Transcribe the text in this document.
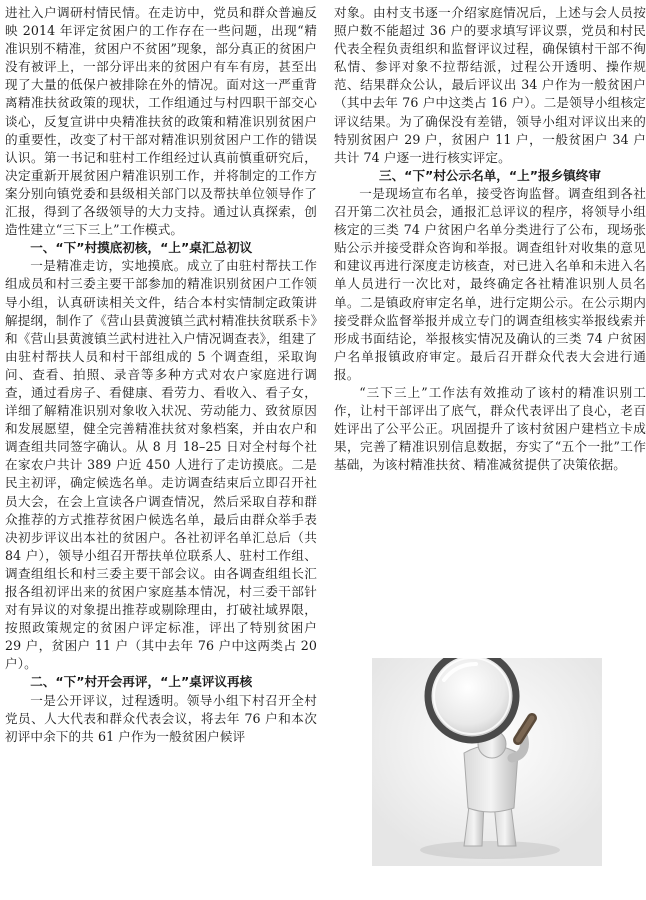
进社入户调研村情民情。在走访中，党员和群众普遍反映 2014 年评定贫困户的工作存在一些问题，出现“精准识别不精准，贫困户不贫困”现象，部分真正的贫困户没有被评上，一部分评出来的贫困户有车有房，甚至出现了大量的低保户被排除在外的情况。面对这一严重背离精准扶贫政策的现状，工作组通过与村四职干部交心谈心，反复宣讲中央精准扶贫的政策和精准识别贫困户的重要性，改变了村干部对精准识别贫困户工作的错误认识。第一书记和驻村工作组经过认真前慎重研究后，决定重新开展贫困户精准识别工作，并将制定的工作方案分别向镇党委和县级相关部门以及帮扶单位领导作了汇报，得到了各级领导的大力支持。通过认真探索，创造性建立“三下三上”工作模式。

一、“下”村摸底初核，“上”桌汇总初议

一是精准走访，实地摸底。成立了由驻村帮扶工作组成员和村三委主要干部参加的精准识别贫困户工作领导小组，认真研读相关文件，结合本村实情制定政策讲解提纲，制作了《营山县黄渡镇兰武村精准扶贫联系卡》和《营山县黄渡镇兰武村进社入户情况调查表》，组建了由驻村帮扶人员和村干部组成的 5 个调查组，采取询问、查看、拍照、录音等多种方式对农户家庭进行调查，通过看房子、看健康、看劳力、看收入、看子女，详细了解精准识别对象收入状况、劳动能力、致贫原因和发展愿望，健全完善精准扶贫对象档案，并由农户和调查组共同签字确认。从 8 月 18–25 日对全村每个社在家农户共计 389 户近 450 人进行了走访摸底。二是民主初评，确定候选名单。走访调查结束后立即召开社员大会，在会上宣读各户调查情况，然后采取自荐和群众推荐的方式推荐贫困户候选名单，最后由群众举手表决初步评议出本社的贫困户。各社初评名单汇总后（共 84 户），领导小组召开帮扶单位联系人、驻村工作组、调查组组长和村三委主要干部会议。由各调查组组长汇报各组初评出来的贫困户家庭基本情况，村三委干部针对有异议的对象提出推荐或剔除理由，打破社域界限，按照政策规定的贫困户评定标准，评出了特别贫困户 29 户，贫困户 11 户（其中去年 76 户中这两类占 20 户）。

二、“下”村开会再评，“上”桌评议再核

一是公开评议，过程透明。领导小组下村召开全村党员、人大代表和群众代表会议，将去年 76 户和本次初评中余下的共 61 户作为一般贫困户候评

对象。由村支书逐一介绍家庭情况后，上述与会人员按照户数不能超过 36 户的要求填写评议票，党员和村民代表全程负责组织和监督评议过程，确保镇村干部不徇私情、参评对象不拉帮结派，过程公开透明、操作规范、结果群众公认，最后评议出 34 户作为一般贫困户（其中去年 76 户中这类占 16 户）。二是领导小组核定评议结果。为了确保没有差错，领导小组对评议出来的特别贫困户 29 户，贫困户 11 户，一般贫困户 34 户共计 74 户逐一进行核实评定。

三、“下”村公示名单，“上”报乡镇终审

一是现场宣布名单，接受咨询监督。调查组到各社召开第二次社员会，通报汇总评议的程序，将领导小组核定的三类 74 户贫困户名单分类进行了公布，现场张贴公示并接受群众咨询和举报。调查组针对收集的意见和建议再进行深度走访核查，对已进入名单和未进入名单人员进行一次比对，最终确定各社精准识别人员名单。二是镇政府审定名单，进行定期公示。在公示期内接受群众监督举报并成立专门的调查组核实举报线索并形成书面结论，举报核实情况及确认的三类 74 户贫困户名单报镇政府审定。最后召开群众代表大会进行通报。

“三下三上”工作法有效推动了该村的精准识别工作，让村干部评出了底气，群众代表评出了良心，老百姓评出了公平公正。巩固提升了该村贫困户建档立卡成果，完善了精准识别信息数据，夯实了“五个一批”工作基础，为该村精准扶贫、精准减贫提供了决策依据。
